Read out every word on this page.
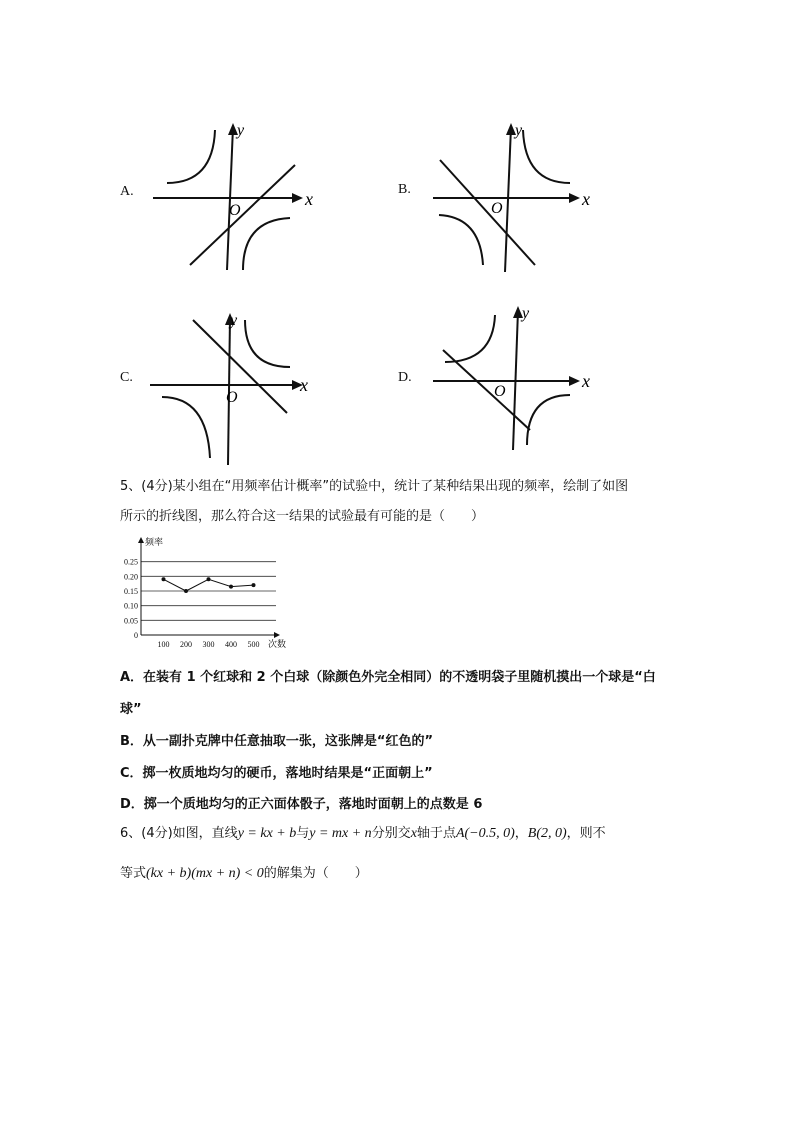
A.	x
y
O
B.	x
y
O
C.	x
y
O
D.	x
y
O
5、(4分)某小组在“用频率估计概率”的试验中，统计了某种结果出现的频率，绘制了如图
所示的折线图，那么符合这一结果的试验最有可能的是（　　）
频率
次数
0.25
0.20
0.15
0.10
0.05
0
100 200 300 400 500
A．在装有 1 个红球和 2 个白球（除颜色外完全相同）的不透明袋子里随机摸出一个球是“白
球”
B．从一副扑克牌中任意抽取一张，这张牌是“红色的”
C．掷一枚质地均匀的硬币，落地时结果是“正面朝上”
D．掷一个质地均匀的正六面体骰子，落地时面朝上的点数是 6
6、(4分)如图，直线y = kx + b与y = mx + n分别交x轴于点A(−0.5, 0)，B(2, 0)，则不
等式(kx + b)(mx + n) < 0的解集为（　　）
